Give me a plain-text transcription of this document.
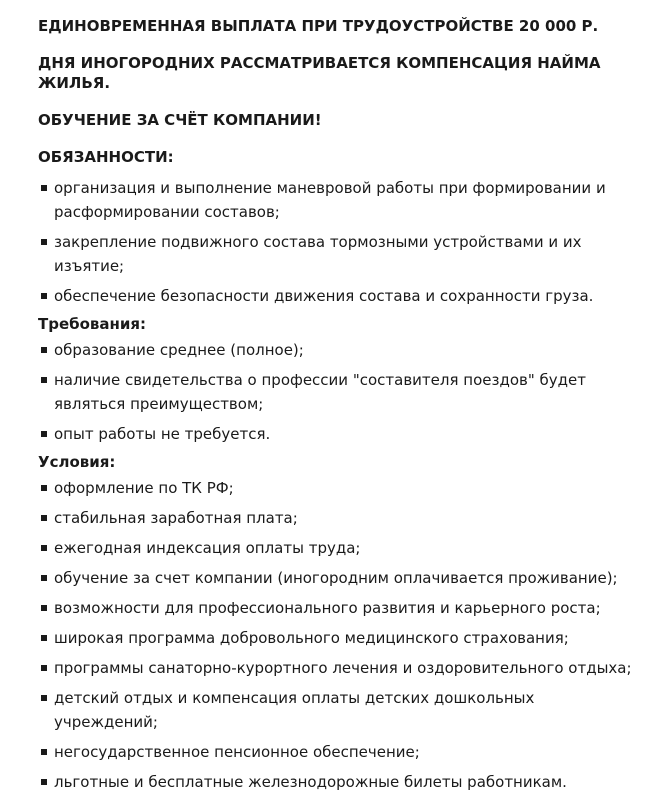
ЕДИНОВРЕМЕННАЯ ВЫПЛАТА ПРИ ТРУДОУСТРОЙСТВЕ 20 000 Р.

ДНЯ ИНОГОРОДНИХ РАССМАТРИВАЕТСЯ КОМПЕНСАЦИЯ НАЙМА ЖИЛЬЯ.

ОБУЧЕНИЕ ЗА СЧЁТ КОМПАНИИ!

ОБЯЗАННОСТИ:

организация и выполнение маневровой работы при формировании и расформировании составов;
закрепление подвижного состава тормозными устройствами и их изъятие;
обеспечение безопасности движения состава и сохранности груза.

Требования:

образование среднее (полное);
наличие свидетельства о профессии "составителя поездов" будет являться преимуществом;
опыт работы не требуется.

Условия:

оформление по ТК РФ;
стабильная заработная плата;
ежегодная индексация оплаты труда;
обучение за счет компании (иногородним оплачивается проживание);
возможности для профессионального развития и карьерного роста;
широкая программа добровольного медицинского страхования;
программы санаторно-курортного лечения и оздоровительного отдыха;
детский отдых и компенсация оплаты детских дошкольных учреждений;
негосударственное пенсионное обеспечение;
льготные и бесплатные железнодорожные билеты работникам.
